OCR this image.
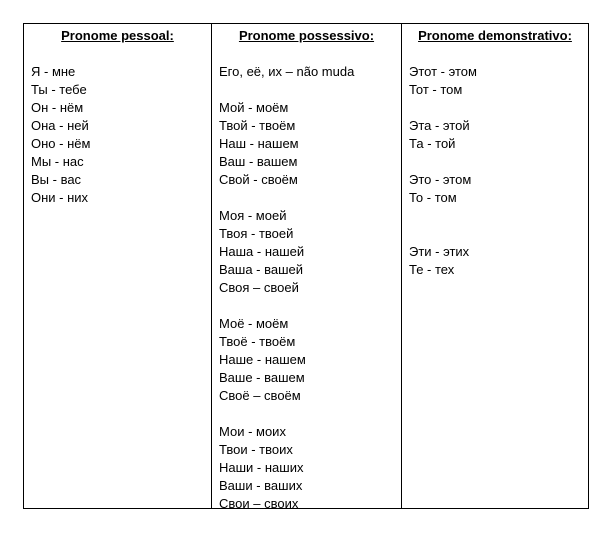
Pronome pessoal:
Я - мне
Ты - тебе
Он - нём
Она - ней
Оно - нём
Мы - нас
Вы - вас
Они - них
Pronome possessivo:
Его, её, их – não muda
Мой - моём
Твой - твоём
Наш - нашем
Ваш - вашем
Свой - своём
Моя - моей
Твоя - твоей
Наша - нашей
Ваша - вашей
Своя – своей
Моё - моём
Твоё - твоём
Наше - нашем
Ваше - вашем
Своё – своём
Мои - моих
Твои - твоих
Наши - наших
Ваши - ваших
Свои – своих
Pronome demonstrativo:
Этот - этом
Тот - том
Эта - этой
Та - той
Это - этом
То - том
Эти - этих
Те - тех
